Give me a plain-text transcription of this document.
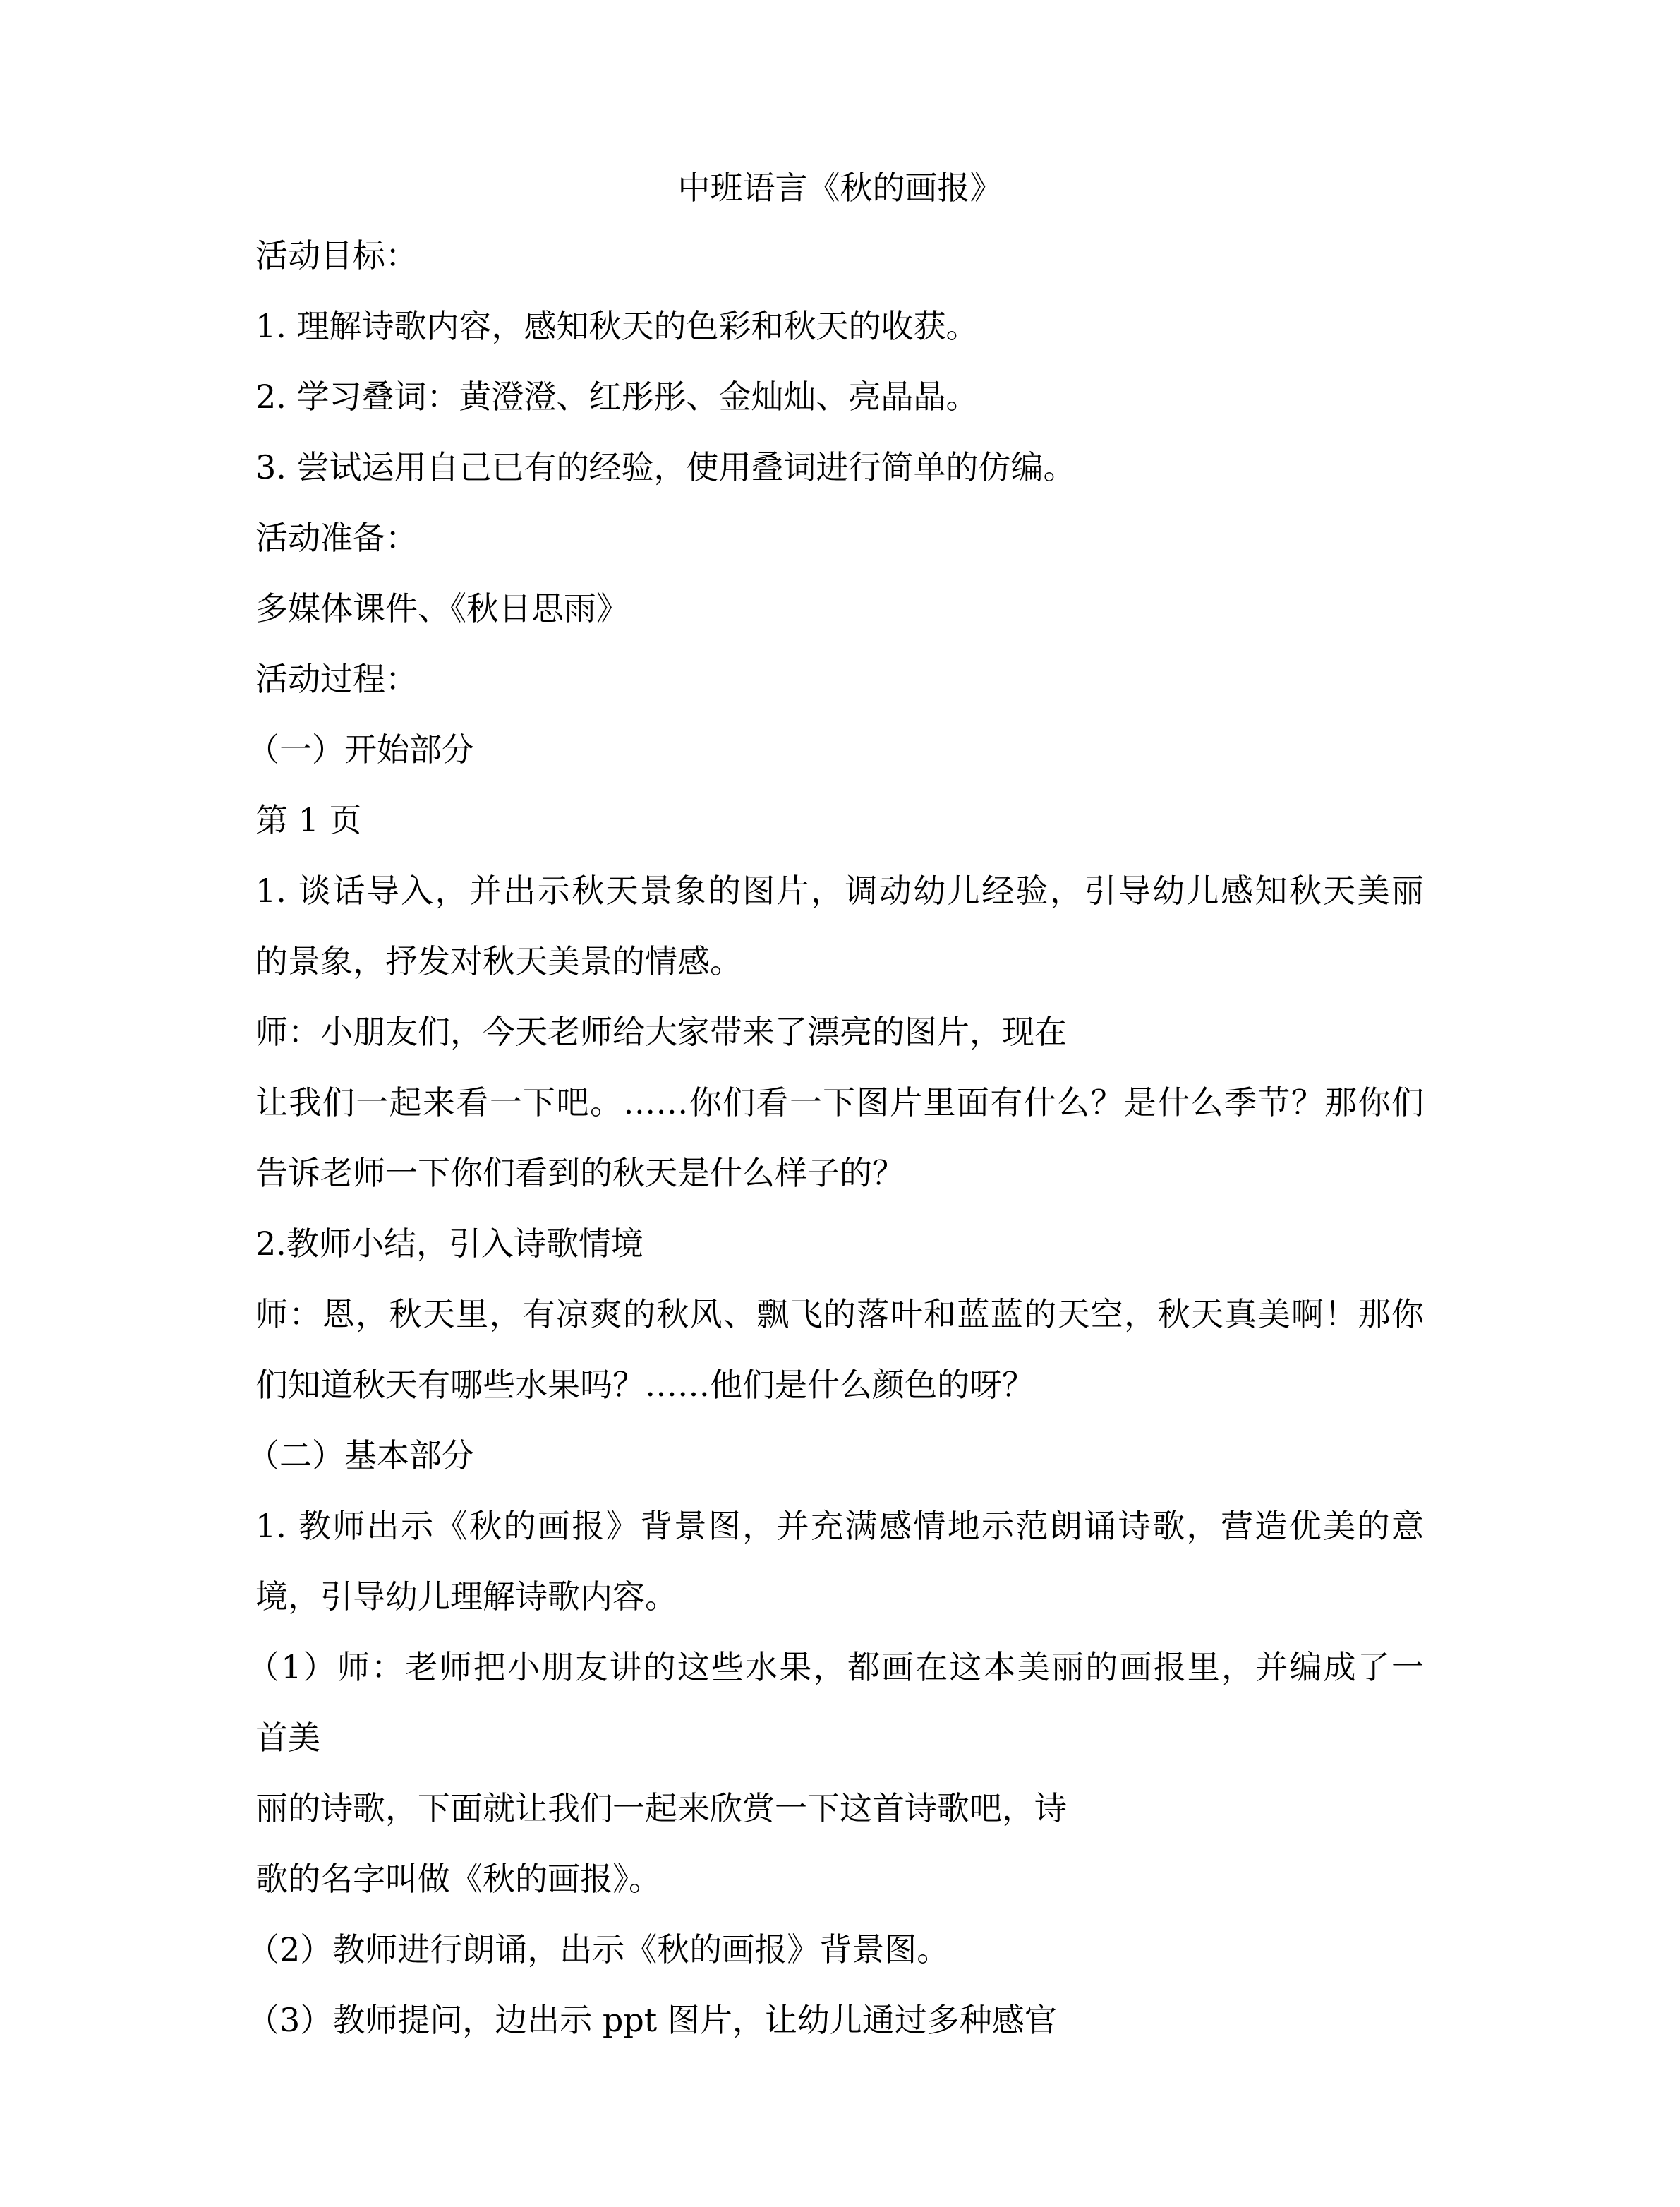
中班语言《秋的画报》
活动目标：
1. 理解诗歌内容，感知秋天的色彩和秋天的收获。
2. 学习叠词：黄澄澄、红彤彤、金灿灿、亮晶晶。
3. 尝试运用自己已有的经验，使用叠词进行简单的仿编。
活动准备：
多媒体课件、《秋日思雨》
活动过程：
（一）开始部分
第 1 页
1. 谈话导入，并出示秋天景象的图片，调动幼儿经验，引导幼儿感知秋天美丽
的景象，抒发对秋天美景的情感。
师：小朋友们，今天老师给大家带来了漂亮的图片，现在
让我们一起来看一下吧。……你们看一下图片里面有什么？是什么季节？那你们
告诉老师一下你们看到的秋天是什么样子的？
2.教师小结，引入诗歌情境
师：恩，秋天里，有凉爽的秋风、飘飞的落叶和蓝蓝的天空，秋天真美啊！那你
们知道秋天有哪些水果吗？……他们是什么颜色的呀？
（二）基本部分
1. 教师出示《秋的画报》背景图，并充满感情地示范朗诵诗歌，营造优美的意
境，引导幼儿理解诗歌内容。
（1）师：老师把小朋友讲的这些水果，都画在这本美丽的画报里，并编成了一
首美
丽的诗歌，下面就让我们一起来欣赏一下这首诗歌吧，诗
歌的名字叫做《秋的画报》。
（2）教师进行朗诵，出示《秋的画报》背景图。
（3）教师提问，边出示 ppt 图片，让幼儿通过多种感官
